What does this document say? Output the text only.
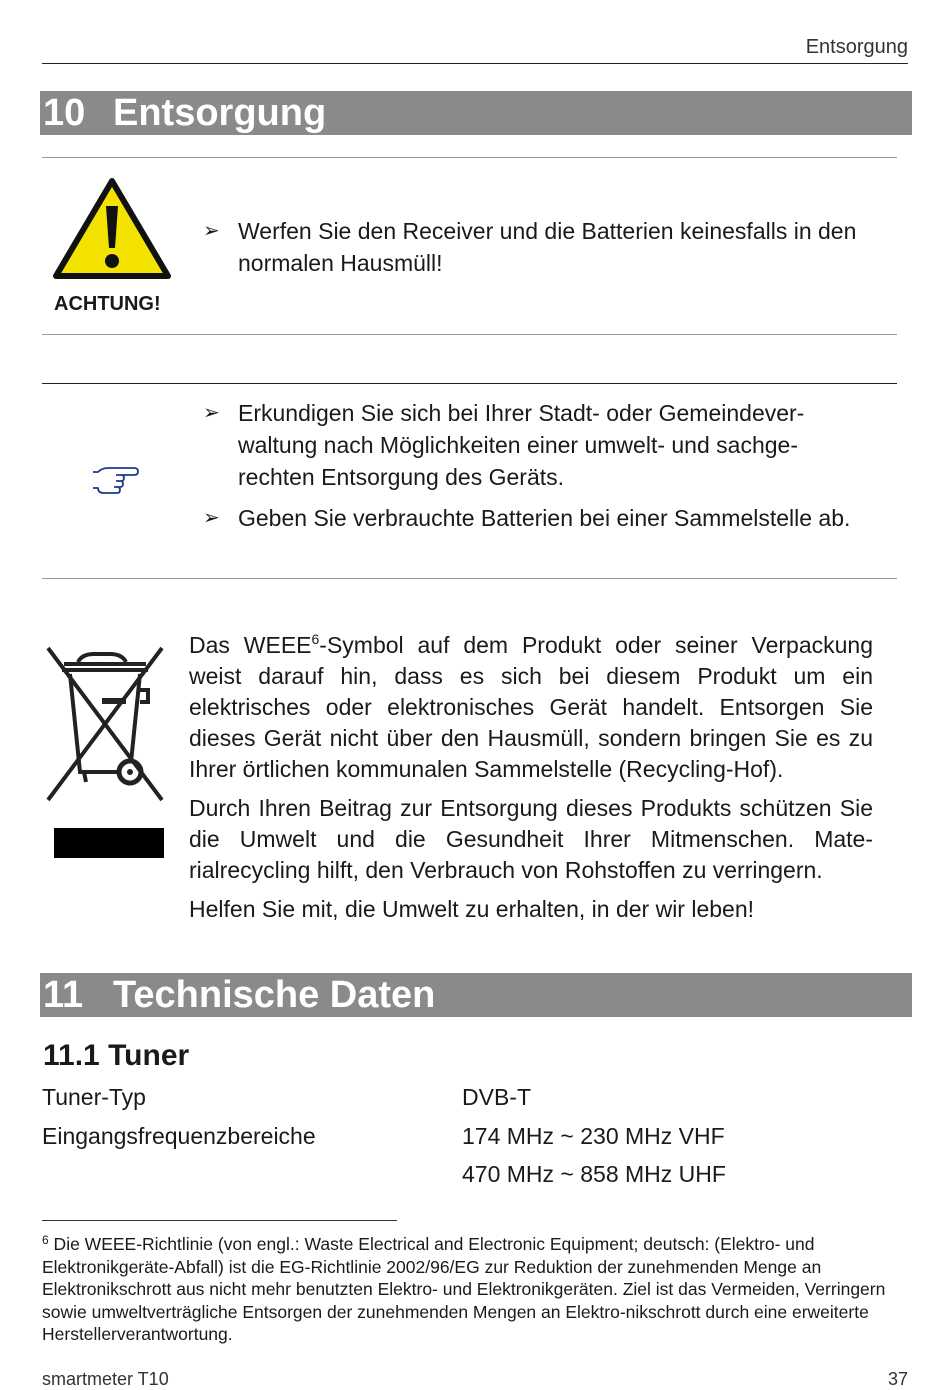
Entsorgung
10 Entsorgung
ACHTUNG!
➢ Werfen Sie den Receiver und die Batterien keinesfalls in den normalen Hausmüll!
➢ Erkundigen Sie sich bei Ihrer Stadt- oder Gemeindever-waltung nach Möglichkeiten einer umwelt- und sachge-rechten Entsorgung des Geräts.
➢ Geben Sie verbrauchte Batterien bei einer Sammelstelle ab.

Das WEEE$^6$-Symbol auf dem Produkt oder seiner Verpackung weist darauf hin, dass es sich bei diesem Produkt um ein elektrisches oder elektronisches Gerät handelt. Entsorgen Sie dieses Gerät nicht über den Hausmüll, sondern bringen Sie es zu Ihrer örtlichen kommunalen Sammelstelle (Recycling-Hof).

Durch Ihren Beitrag zur Entsorgung dieses Produkts schützen Sie die Umwelt und die Gesundheit Ihrer Mitmenschen. Mate-rialrecycling hilft, den Verbrauch von Rohstoffen zu verringern.

Helfen Sie mit, die Umwelt zu erhalten, in der wir leben!

11 Technische Daten
11.1 Tuner
Tuner-Typ	DVB-T
Eingangsfrequenzbereiche	174 MHz ~ 230 MHz VHF
470 MHz ~ 858 MHz UHF
$^6$ Die WEEE-Richtlinie (von engl.: Waste Electrical and Electronic Equipment; deutsch: (Elektro- und Elektronikgeräte-Abfall) ist die EG-Richtlinie 2002/96/EG zur Reduktion der zunehmenden Menge an Elektronikschrott aus nicht mehr benutzten Elektro- und Elektronikgeräten. Ziel ist das Vermeiden, Verringern sowie umweltverträgliche Entsorgen der zunehmenden Mengen an Elektro-nikschrott durch eine erweiterte Herstellerverantwortung.
smartmeter T10	37
